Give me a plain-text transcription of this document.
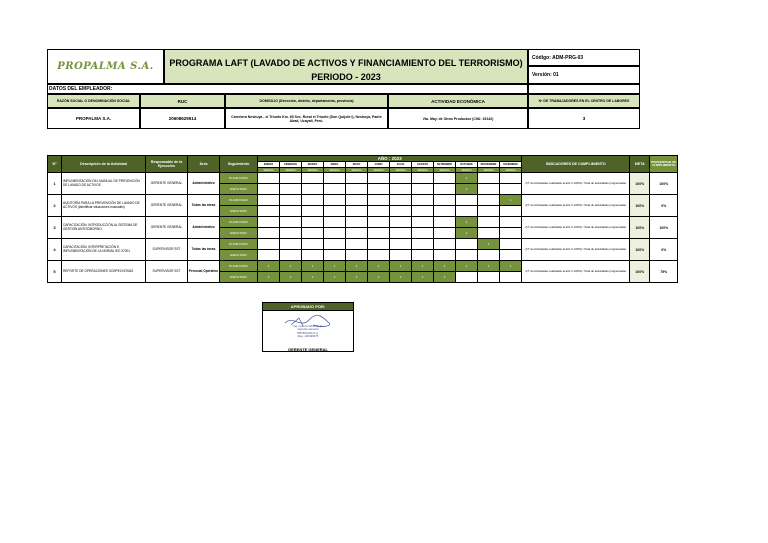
PROPALMA S.A.	PROGRAMA LAFT (LAVADO DE ACTIVOS Y FINANCIAMIENTO DEL TERRORISMO)
PERIODO - 2023
Código: ADM-PRG-03
Versión: 01
DATOS DEL EMPLEADOR:
RAZÓN SOCIAL O DENOMINACIÓN SOCIAL	RUC	DOMICILIO (Dirección, distrito, departamento, provincia)	ACTIVIDAD ECONÓMICA	Nº DE TRABAJADORES EN EL CENTRO DE LABORES
PROPALMA S.A.	20608629514	Carretera Neshuya - el Triunfo Km. 65 Sec. Rural el Triunfo (Don Quijote I), Neshuya, Padre Abad, Ucayali, Perú.	Vta. May. de Otros Productos (CIIU: 15142)	3
N°	Descripción de la Actividad	Responsable de la Ejecución	Área	Seguimiento	AÑO : 2023												INDICADORES DE CUMPLIMIENTO	META	PORCENTAJE DE CUMPLIMIENTO
					ENERO	FEBRERO	MARZO	ABRIL	MAYO	JUNIO	JULIO	AGOSTO	SETIEMBRE	OCTUBRE	NOVIEMBRE	DICIEMBRE			
					SEMANA	SEMANA	SEMANA	SEMANA	SEMANA	SEMANA	SEMANA	SEMANA	SEMANA	SEMANA	SEMANA	SEMANA			
1	IMPLEMENTACIÓN DEL MANUAL DE PREVENCIÓN DE LAVADO DE ACTIVOS	GERENTE GENERAL	Administrativo	PLANIFICADO										1			(N° de Actividades realizadas al año X 100%) / Total de actividades programadas	100%	100%
				EJECUTADO										1					
2	AUDITORÍA PARA LA PREVENCIÓN DE LAVADO DE ACTIVOS (identificar situaciones inusuales)	GERENTE GENERAL	Todas las áreas	PLANIFICADO												1	(N° de Actividades realizadas al año X 100%) / Total de actividades programadas	100%	0%
				EJECUTADO															
3	CAPACITACIÓN: INTRODUCCIÓN AL SISTEMA DE GESTIÓN ANTISOBORNO	GERENTE GENERAL	Administrativo	PLANIFICADO										1			(N° de Actividades realizadas al año X 100%) / Total de actividades programadas	100%	100%
				EJECUTADO										1					
4	CAPACITACIÓN: INTERPRETACIÓN E IMPLEMENTACIÓN DE LA NORMA ISO 37001	SUPERVISOR SST	Todas las áreas	PLANIFICADO											1		(N° de Actividades realizadas al año X 100%) / Total de actividades programadas	100%	0%
				EJECUTADO															
5	REPORTE DE OPERACIONES SOSPECHOSAS	SUPERVISOR SST	Personal Operativo	PLANIFICADO	1	1	1	1	1	1	1	1	1	1	1	1	(N° de Actividades realizadas al año X 100%) / Total de actividades programadas	100%	75%
				EJECUTADO	1	1	1	1	1	1	1	1	1						
APROBADO POR:
Ing. Lorenzo Ríos Mejía
Gerente General
PROPALMA S.A.
Reg. 100496375
GERENTE GENERAL
